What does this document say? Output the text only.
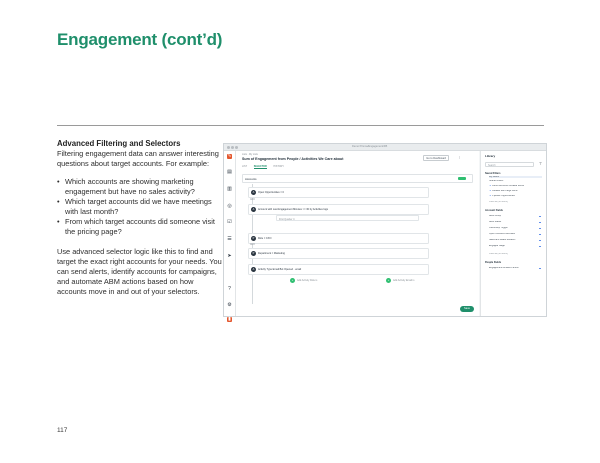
Engagement (cont’d)
Advanced Filtering and Selectors

Filtering engagement data can answer interesting questions about target accounts. For example:

• Which accounts are showing marketing engagement but have no sales activity?
• Which target accounts did we have meetings with last month?
• From which target accounts did someone visit the pricing page?

Use advanced selector logic like this to find and target the exact right accounts for your needs. You can send alerts, identify accounts for campaigns, and automate ABM actions based on how accounts move in and out of your selectors.

Demo Prisma/Engagement/FB
∿
▤
▥
◎
☑
☰
➤
?
⚙
▮
Lists · My Lists
Sum of Engagement from People / Activities We Care about	Go to Dashboard	⋮
LIST	SELECTOR	HISTORY
Accounts
A	Open Opportunities = 0
AND
A	Account with Last Engagement Minutes >= 30 by Activities logs
First Quarter 4
P	Role = CXO
AND
P	Department = Marketing
A	Activity Type Email Bot Opened · email
+ Add Activity Role is	+ Add Activity Email is
Save
Library
Search	⊤
Saved Filters
My Filters
Shared Filters
▼Demo Accounts Created Month
▼Booked with Large Wins?
▼Pipeline Opportunities
View all (30 items)
Account Fields
ABM Group
ABM Status
Ownership Trigger
Open Outbound Activities
Sales and Leads Rotation
Engaged Stage
View all (30 items)
People Fields
Engagement Minutes Person
117
